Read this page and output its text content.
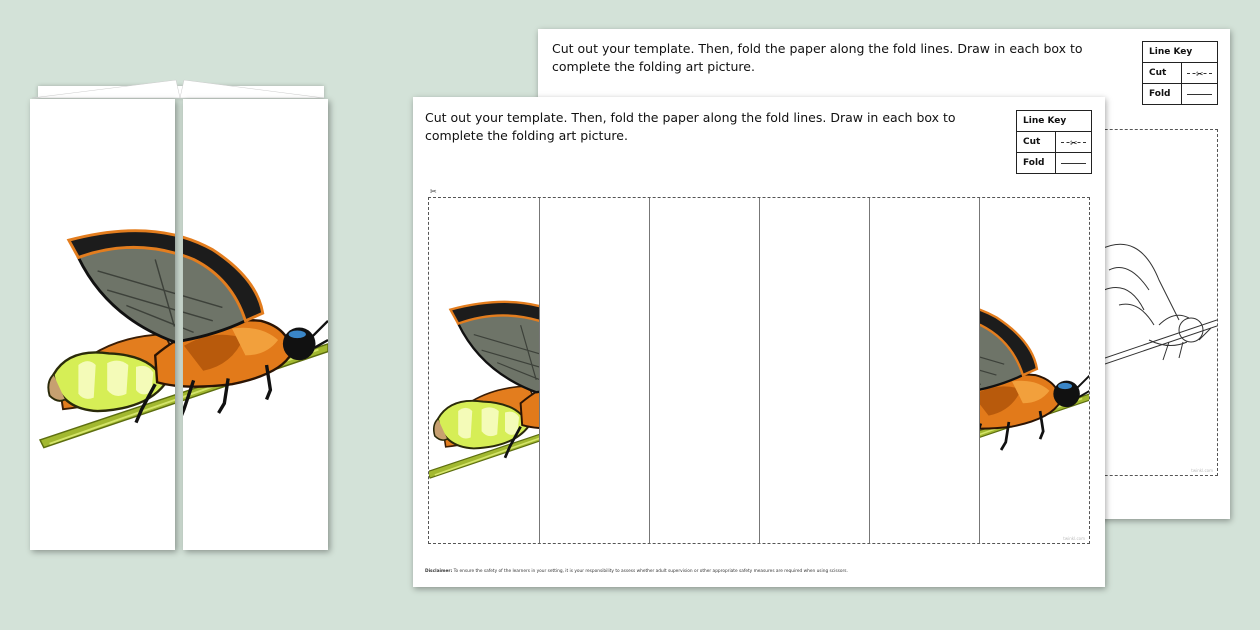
Cut out your template. Then, fold the paper along the fold lines. Draw in each box to complete the folding art picture.

Line Key
Cut	✂
Fold
twinkl.com

Cut out your template. Then, fold the paper along the fold lines. Draw in each box to complete the folding art picture.

Line Key
Cut	✂
Fold
✂
twinkl.com
Disclaimer: To ensure the safety of the learners in your setting, it is your responsibility to assess whether adult supervision or other appropriate safety measures are required when using scissors.
